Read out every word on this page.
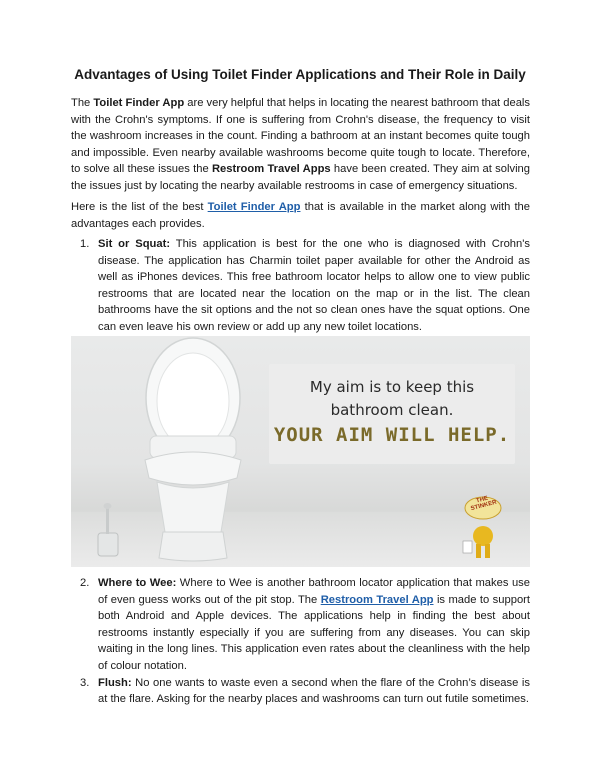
Advantages of Using Toilet Finder Applications and Their Role in Daily

The Toilet Finder App are very helpful that helps in locating the nearest bathroom that deals with the Crohn's symptoms. If one is suffering from Crohn's disease, the frequency to visit the washroom increases in the count. Finding a bathroom at an instant becomes quite tough and impossible. Even nearby available washrooms become quite tough to locate. Therefore, to solve all these issues the Restroom Travel Apps have been created. They aim at solving the issues just by locating the nearby available restrooms in case of emergency situations.

Here is the list of the best Toilet Finder App that is available in the market along with the advantages each provides.

1. Sit or Squat: This application is best for the one who is diagnosed with Crohn's disease. The application has Charmin toilet paper available for other the Android as well as iPhones devices. This free bathroom locator helps to allow one to view public restrooms that are located near the location on the map or in the list. The clean bathrooms have the sit options and the not so clean ones have the squat options. One can even leave his own review or add up any new toilet locations.
My aim is to keep this
bathroom clean.
YOUR AIM WILL HELP.
THE STINKER
2. Where to Wee: Where to Wee is another bathroom locator application that makes use of even guess works out of the pit stop. The Restroom Travel App is made to support both Android and Apple devices. The applications help in finding the best about restrooms instantly especially if you are suffering from any diseases. You can skip waiting in the long lines. This application even rates about the cleanliness with the help of colour notation.
3. Flush: No one wants to waste even a second when the flare of the Crohn’s disease is at the flare. Asking for the nearby places and washrooms can turn out futile sometimes.
